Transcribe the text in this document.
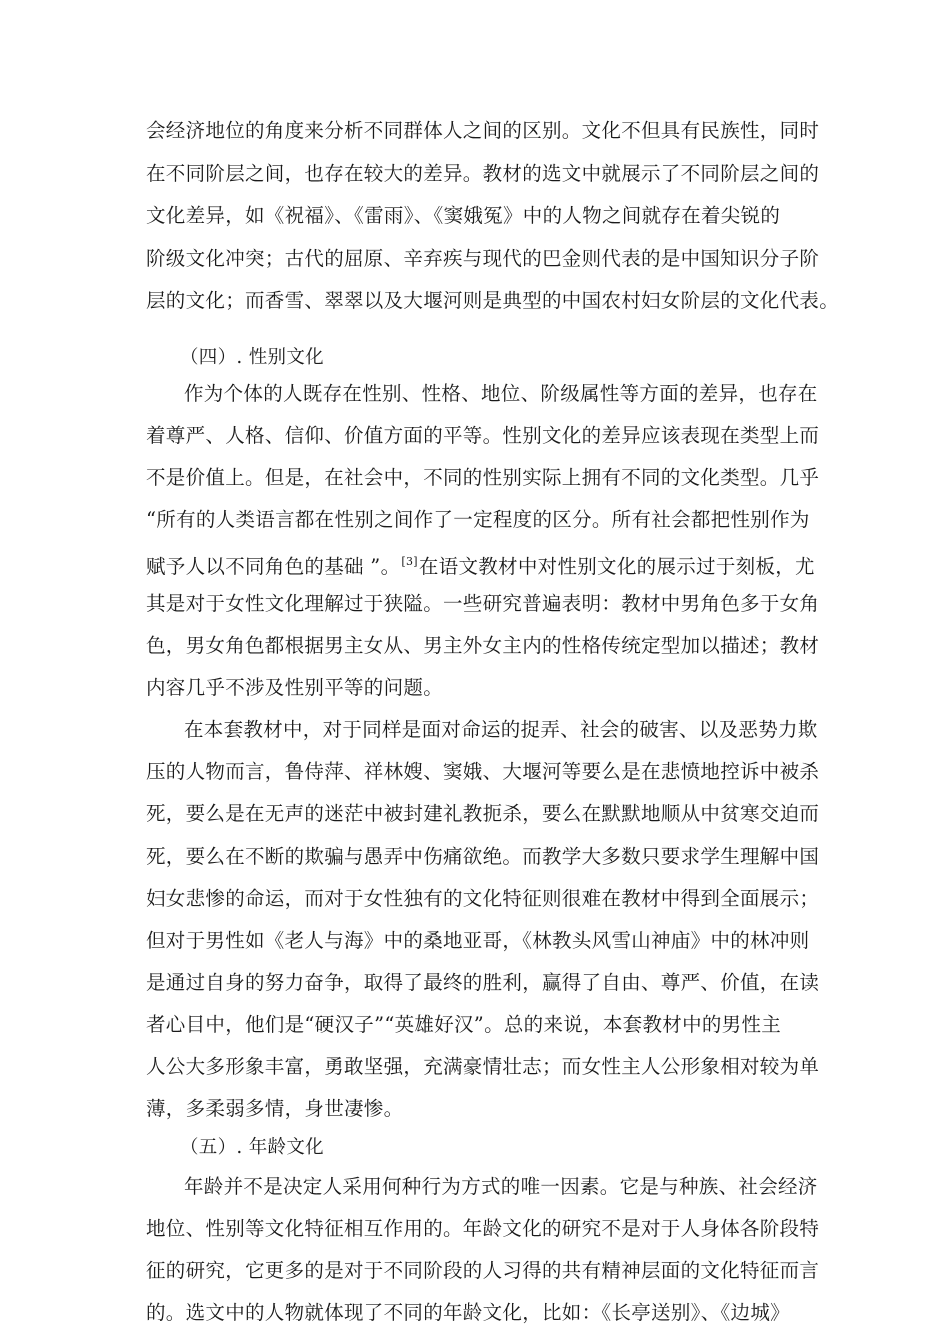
会经济地位的角度来分析不同群体人之间的区别。文化不但具有民族性，同时
在不同阶层之间，也存在较大的差异。教材的选文中就展示了不同阶层之间的
文化差异，如《祝福》、《雷雨》、《窦娥冤》中的人物之间就存在着尖锐的
阶级文化冲突；古代的屈原、辛弃疾与现代的巴金则代表的是中国知识分子阶
层的文化；而香雪、翠翠以及大堰河则是典型的中国农村妇女阶层的文化代表。
（四）. 性别文化
作为个体的人既存在性别、性格、地位、阶级属性等方面的差异，也存在
着尊严、人格、信仰、价值方面的平等。性别文化的差异应该表现在类型上而
不是价值上。但是，在社会中，不同的性别实际上拥有不同的文化类型。几乎
“所有的人类语言都在性别之间作了一定程度的区分。所有社会都把性别作为
赋予人以不同角色的基础 ”。[3]在语文教材中对性别文化的展示过于刻板，尤
其是对于女性文化理解过于狭隘。一些研究普遍表明：教材中男角色多于女角
色，男女角色都根据男主女从、男主外女主内的性格传统定型加以描述；教材
内容几乎不涉及性别平等的问题。
在本套教材中，对于同样是面对命运的捉弄、社会的破害、以及恶势力欺
压的人物而言，鲁侍萍、祥林嫂、窦娥、大堰河等要么是在悲愤地控诉中被杀
死，要么是在无声的迷茫中被封建礼教扼杀，要么在默默地顺从中贫寒交迫而
死，要么在不断的欺骗与愚弄中伤痛欲绝。而教学大多数只要求学生理解中国
妇女悲惨的命运，而对于女性独有的文化特征则很难在教材中得到全面展示；
但对于男性如《老人与海》中的桑地亚哥，《林教头风雪山神庙》中的林冲则
是通过自身的努力奋争，取得了最终的胜利，赢得了自由、尊严、价值，在读
者心目中，他们是“硬汉子”“英雄好汉”。总的来说，本套教材中的男性主
人公大多形象丰富，勇敢坚强，充满豪情壮志；而女性主人公形象相对较为单
薄，多柔弱多情，身世凄惨。
（五）. 年龄文化
年龄并不是决定人采用何种行为方式的唯一因素。它是与种族、社会经济
地位、性别等文化特征相互作用的。年龄文化的研究不是对于人身体各阶段特
征的研究，它更多的是对于不同阶段的人习得的共有精神层面的文化特征而言
的。选文中的人物就体现了不同的年龄文化，比如：《长亭送别》、《边城》
